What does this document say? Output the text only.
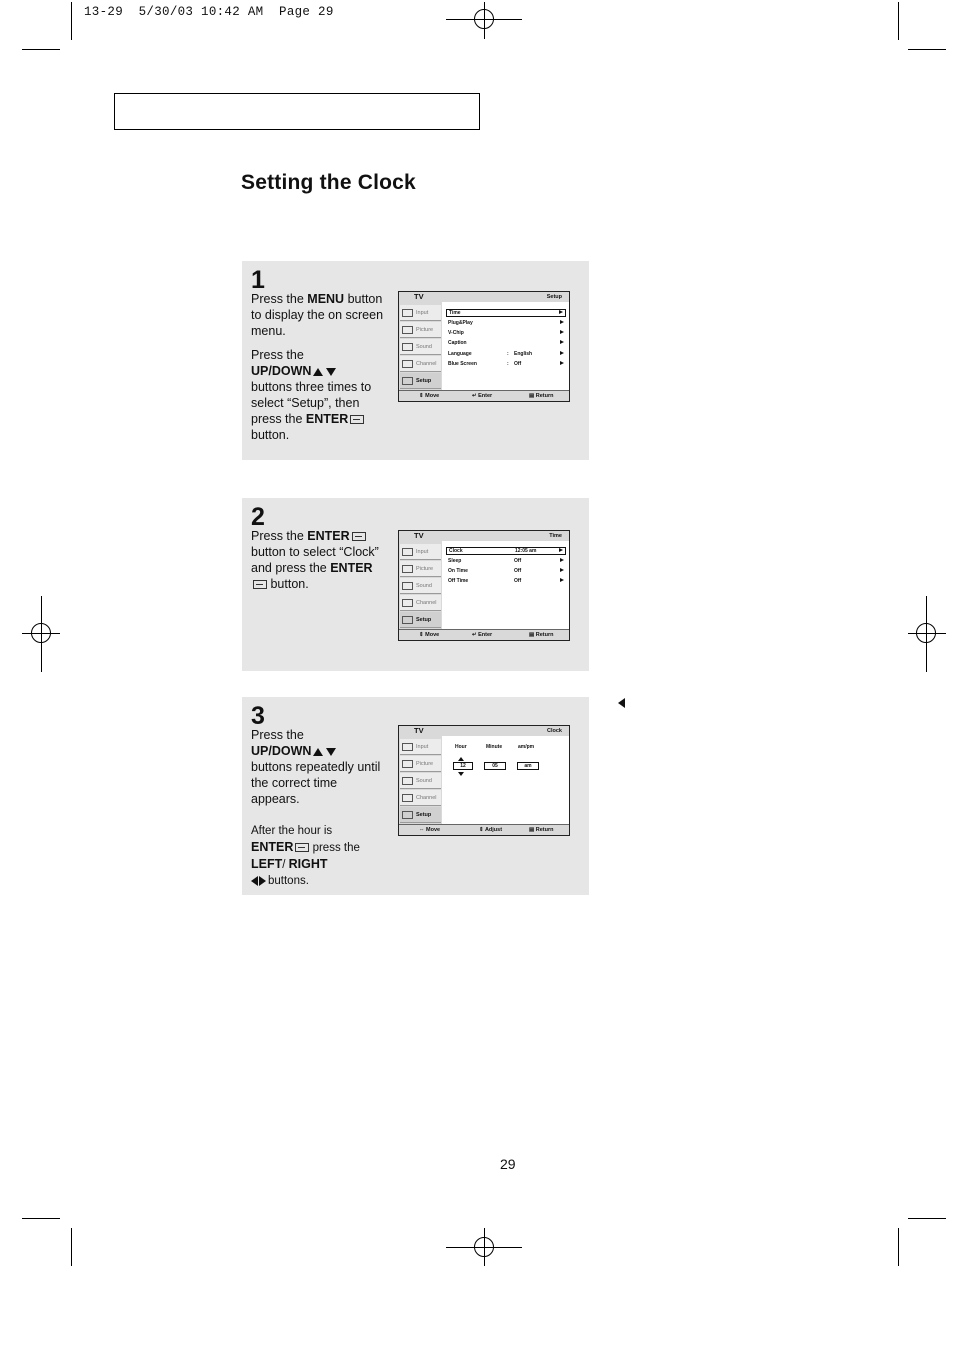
13-29  5/30/03 10:42 AM  Page 29
Setting the Clock
1

Press the MENU button to display the on screen menu.

Press the
UP/DOWN
buttons three times to select “Setup”, then press the ENTER button.

TV	Setup
Input
Picture
Sound
Channel
Setup
Time
Plug&Play
V-Chip
Caption
Language	: English
Blue Screen	: Off
⇕ Move	↵ Enter	▤ Return
2

Press the ENTER button to select “Clock” and press the ENTER button.

TV	Time
Input
Picture
Sound
Channel
Setup
Clock	12:05 am
Sleep	Off
On Time	Off
Off Time	Off
⇕ Move	↵ Enter	▤ Return
3

Press the
UP/DOWN
buttons repeatedly until the correct time appears.

After the hour is
ENTER press the LEFT/ RIGHT
buttons.

TV	Clock
Input
Picture
Sound
Channel
Setup
Hour	Minute	am/pm
12	05	am
⇔ Move	⇕ Adjust	▤ Return
29
